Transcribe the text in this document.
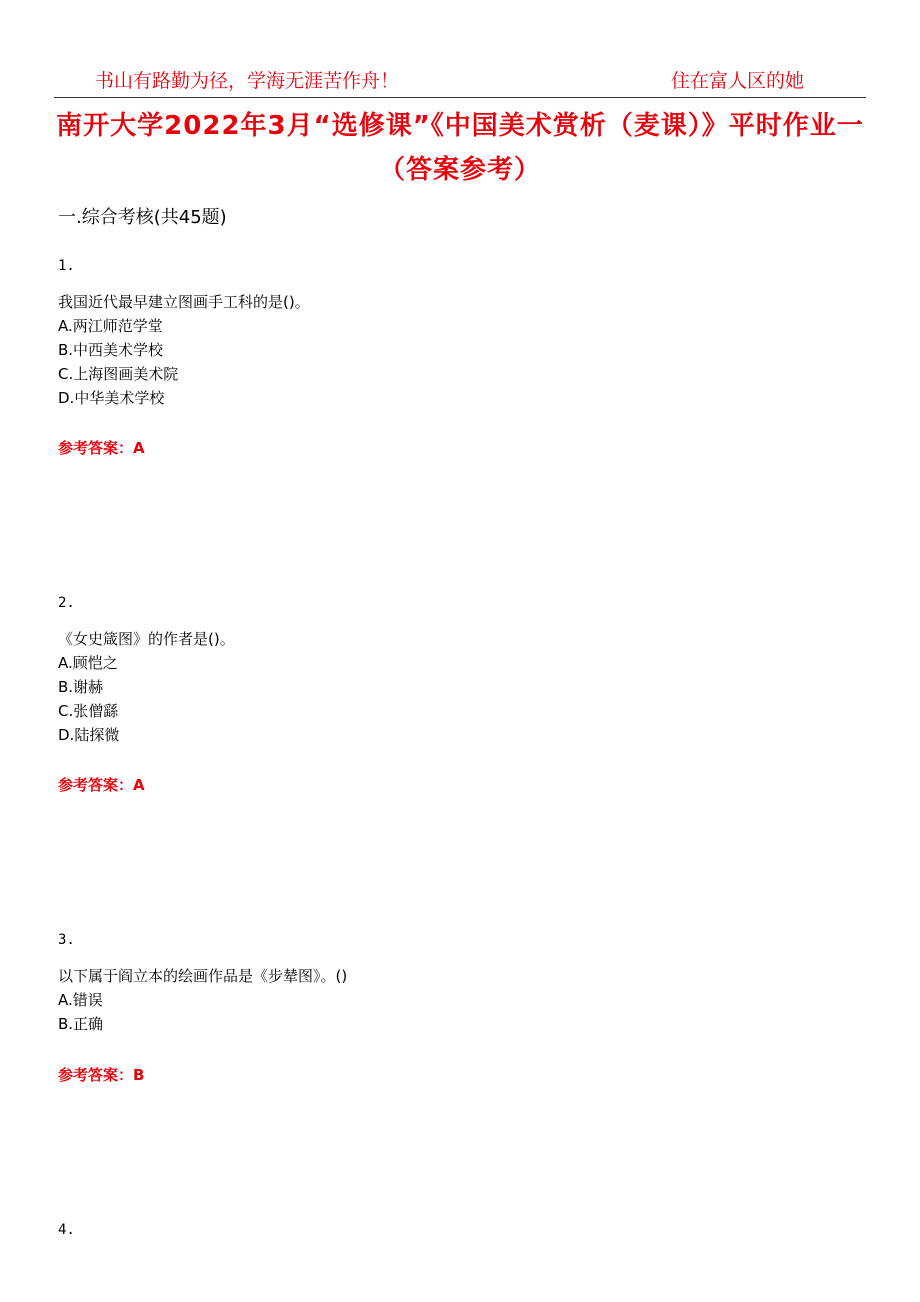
书山有路勤为径，学海无涯苦作舟！	住在富人区的她
南开大学2022年3月“选修课”《中国美术赏析（麦课）》平时作业一（答案参考）
一.综合考核(共45题)
1.
我国近代最早建立图画手工科的是()。
A.两江师范学堂
B.中西美术学校
C.上海图画美术院
D.中华美术学校
参考答案：A
2.
《女史箴图》的作者是()。
A.顾恺之
B.谢赫
C.张僧繇
D.陆探微
参考答案：A
3.
以下属于阎立本的绘画作品是《步辇图》。()
A.错误
B.正确
参考答案：B
4.
